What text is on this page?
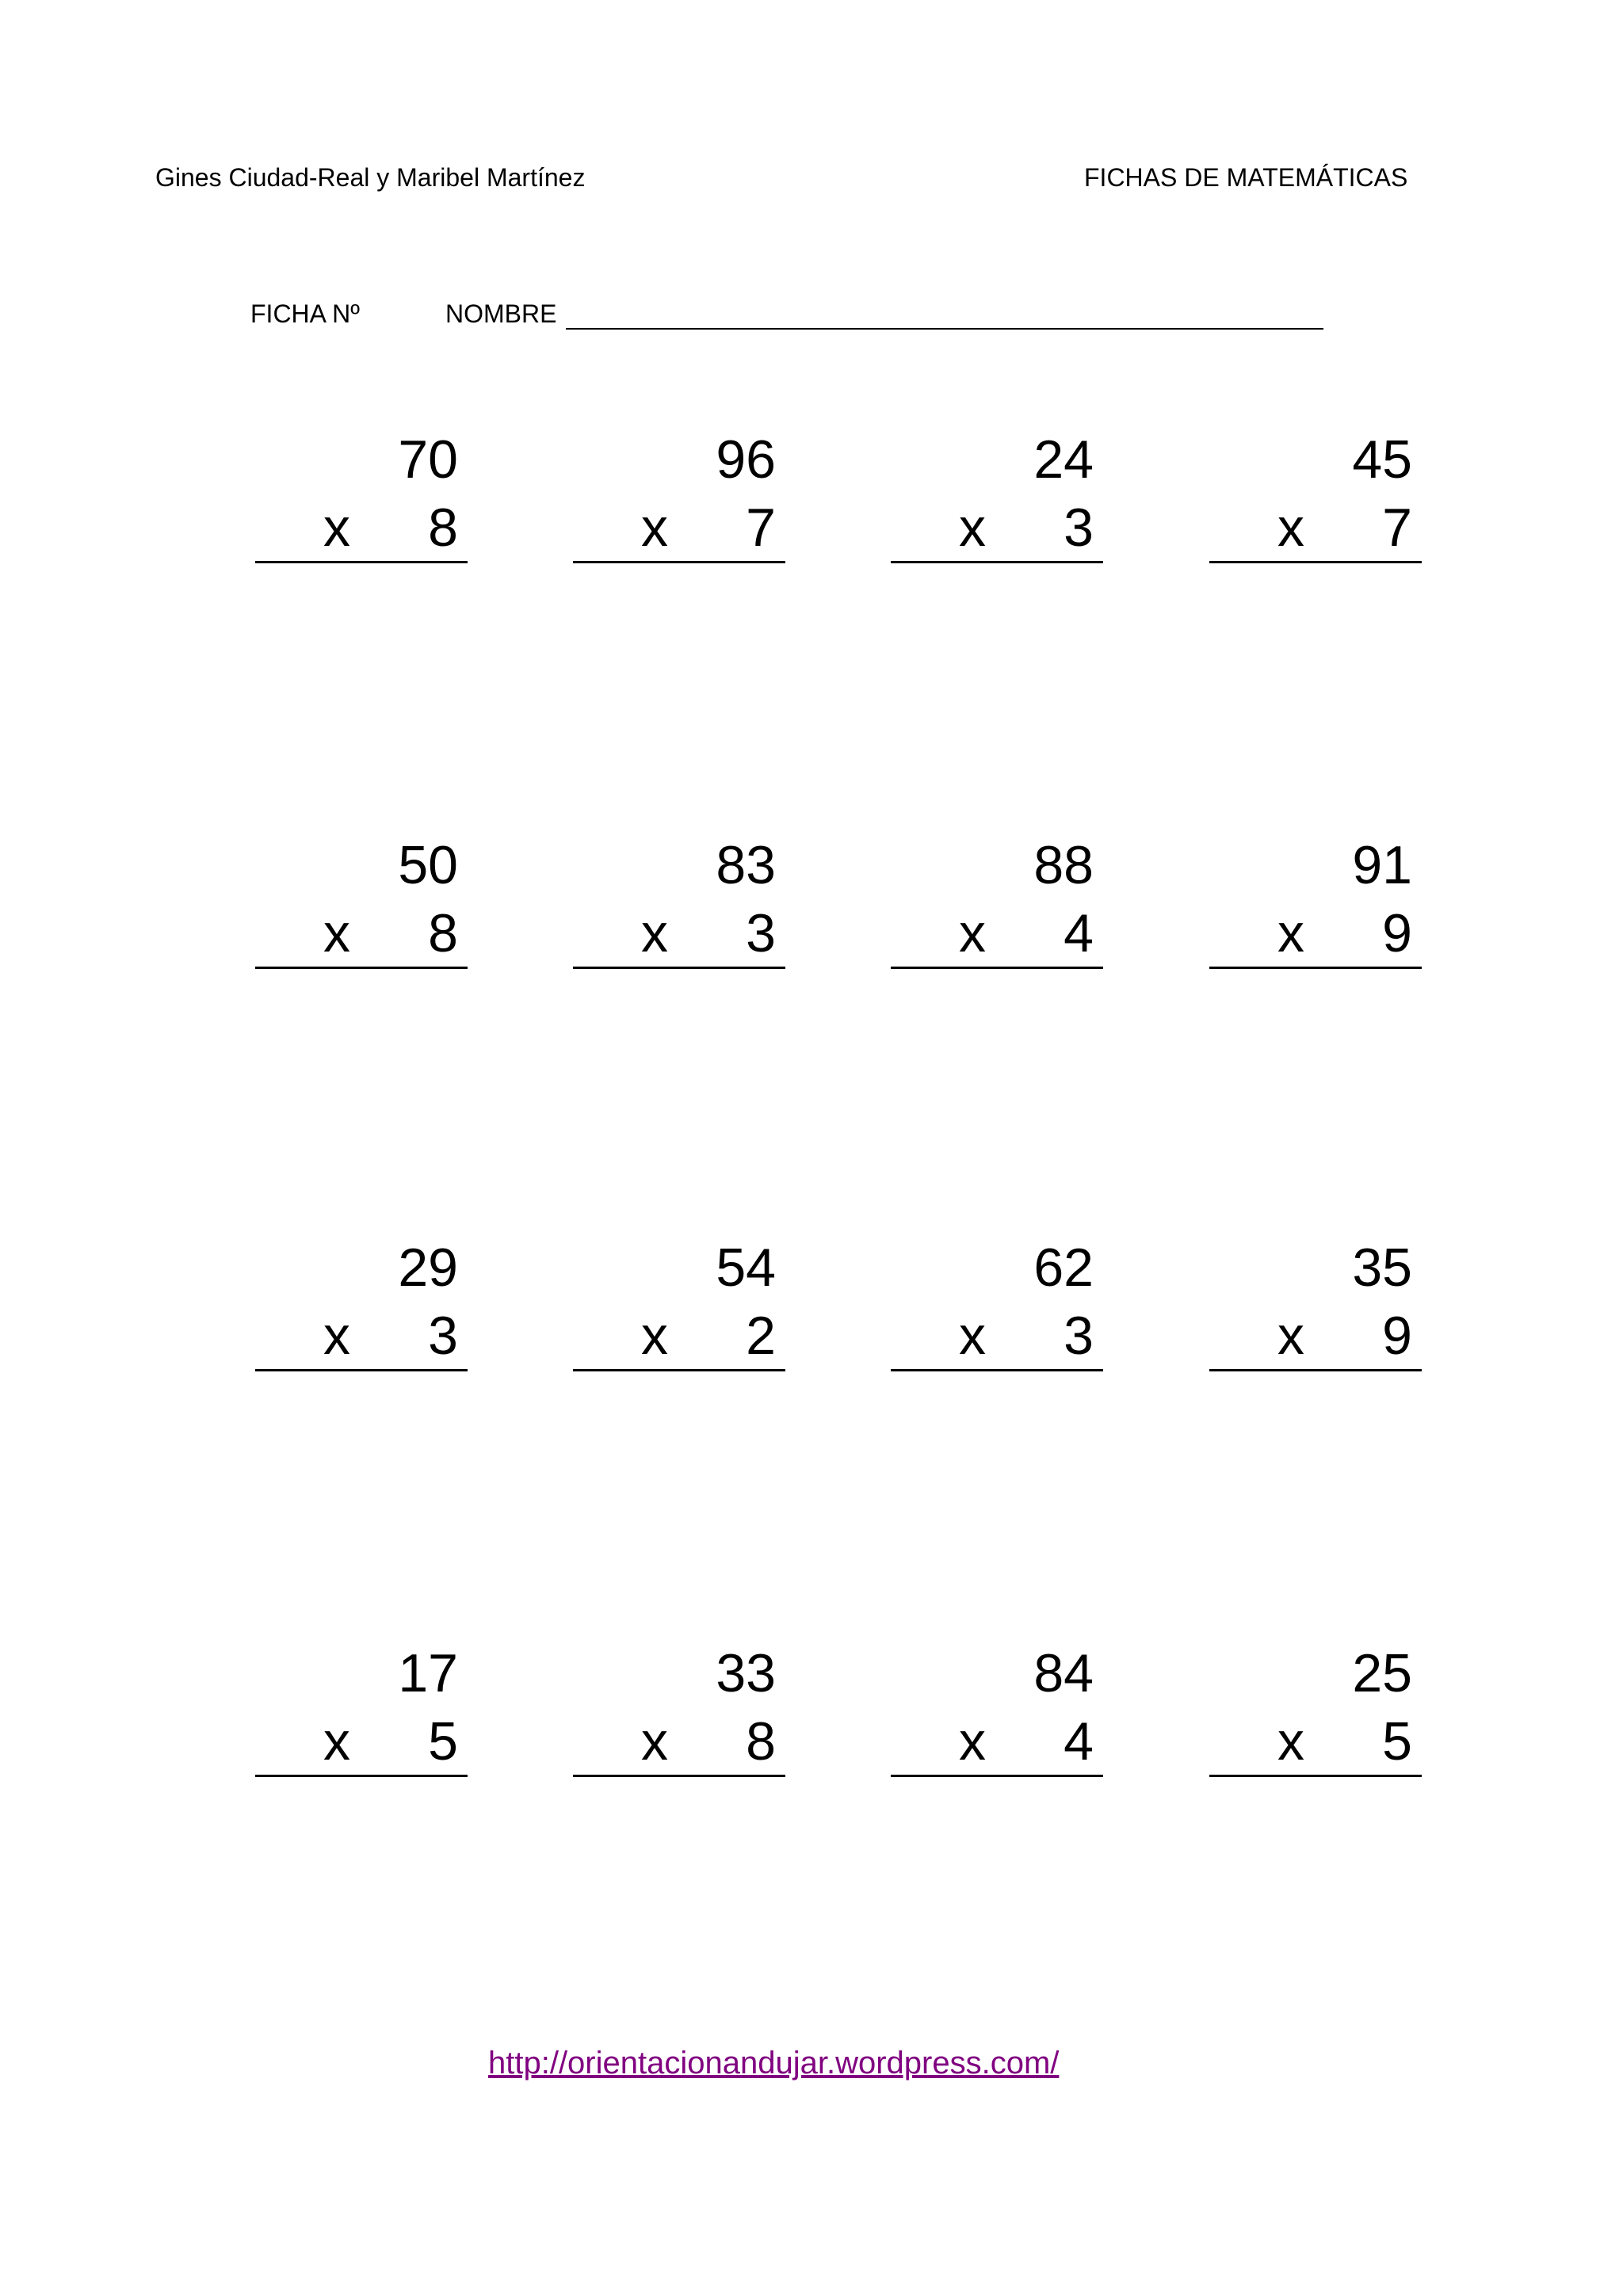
Gines Ciudad-Real y Maribel Martínez	FICHAS DE MATEMÁTICAS
FICHA Nº	NOMBRE
70
x 8
96
x 7
24
x 3
45
x 7
50
x 8
83
x 3
88
x 4
91
x 9
29
x 3
54
x 2
62
x 3
35
x 9
17
x 5
33
x 8
84
x 4
25
x 5
http://orientacionandujar.wordpress.com/
